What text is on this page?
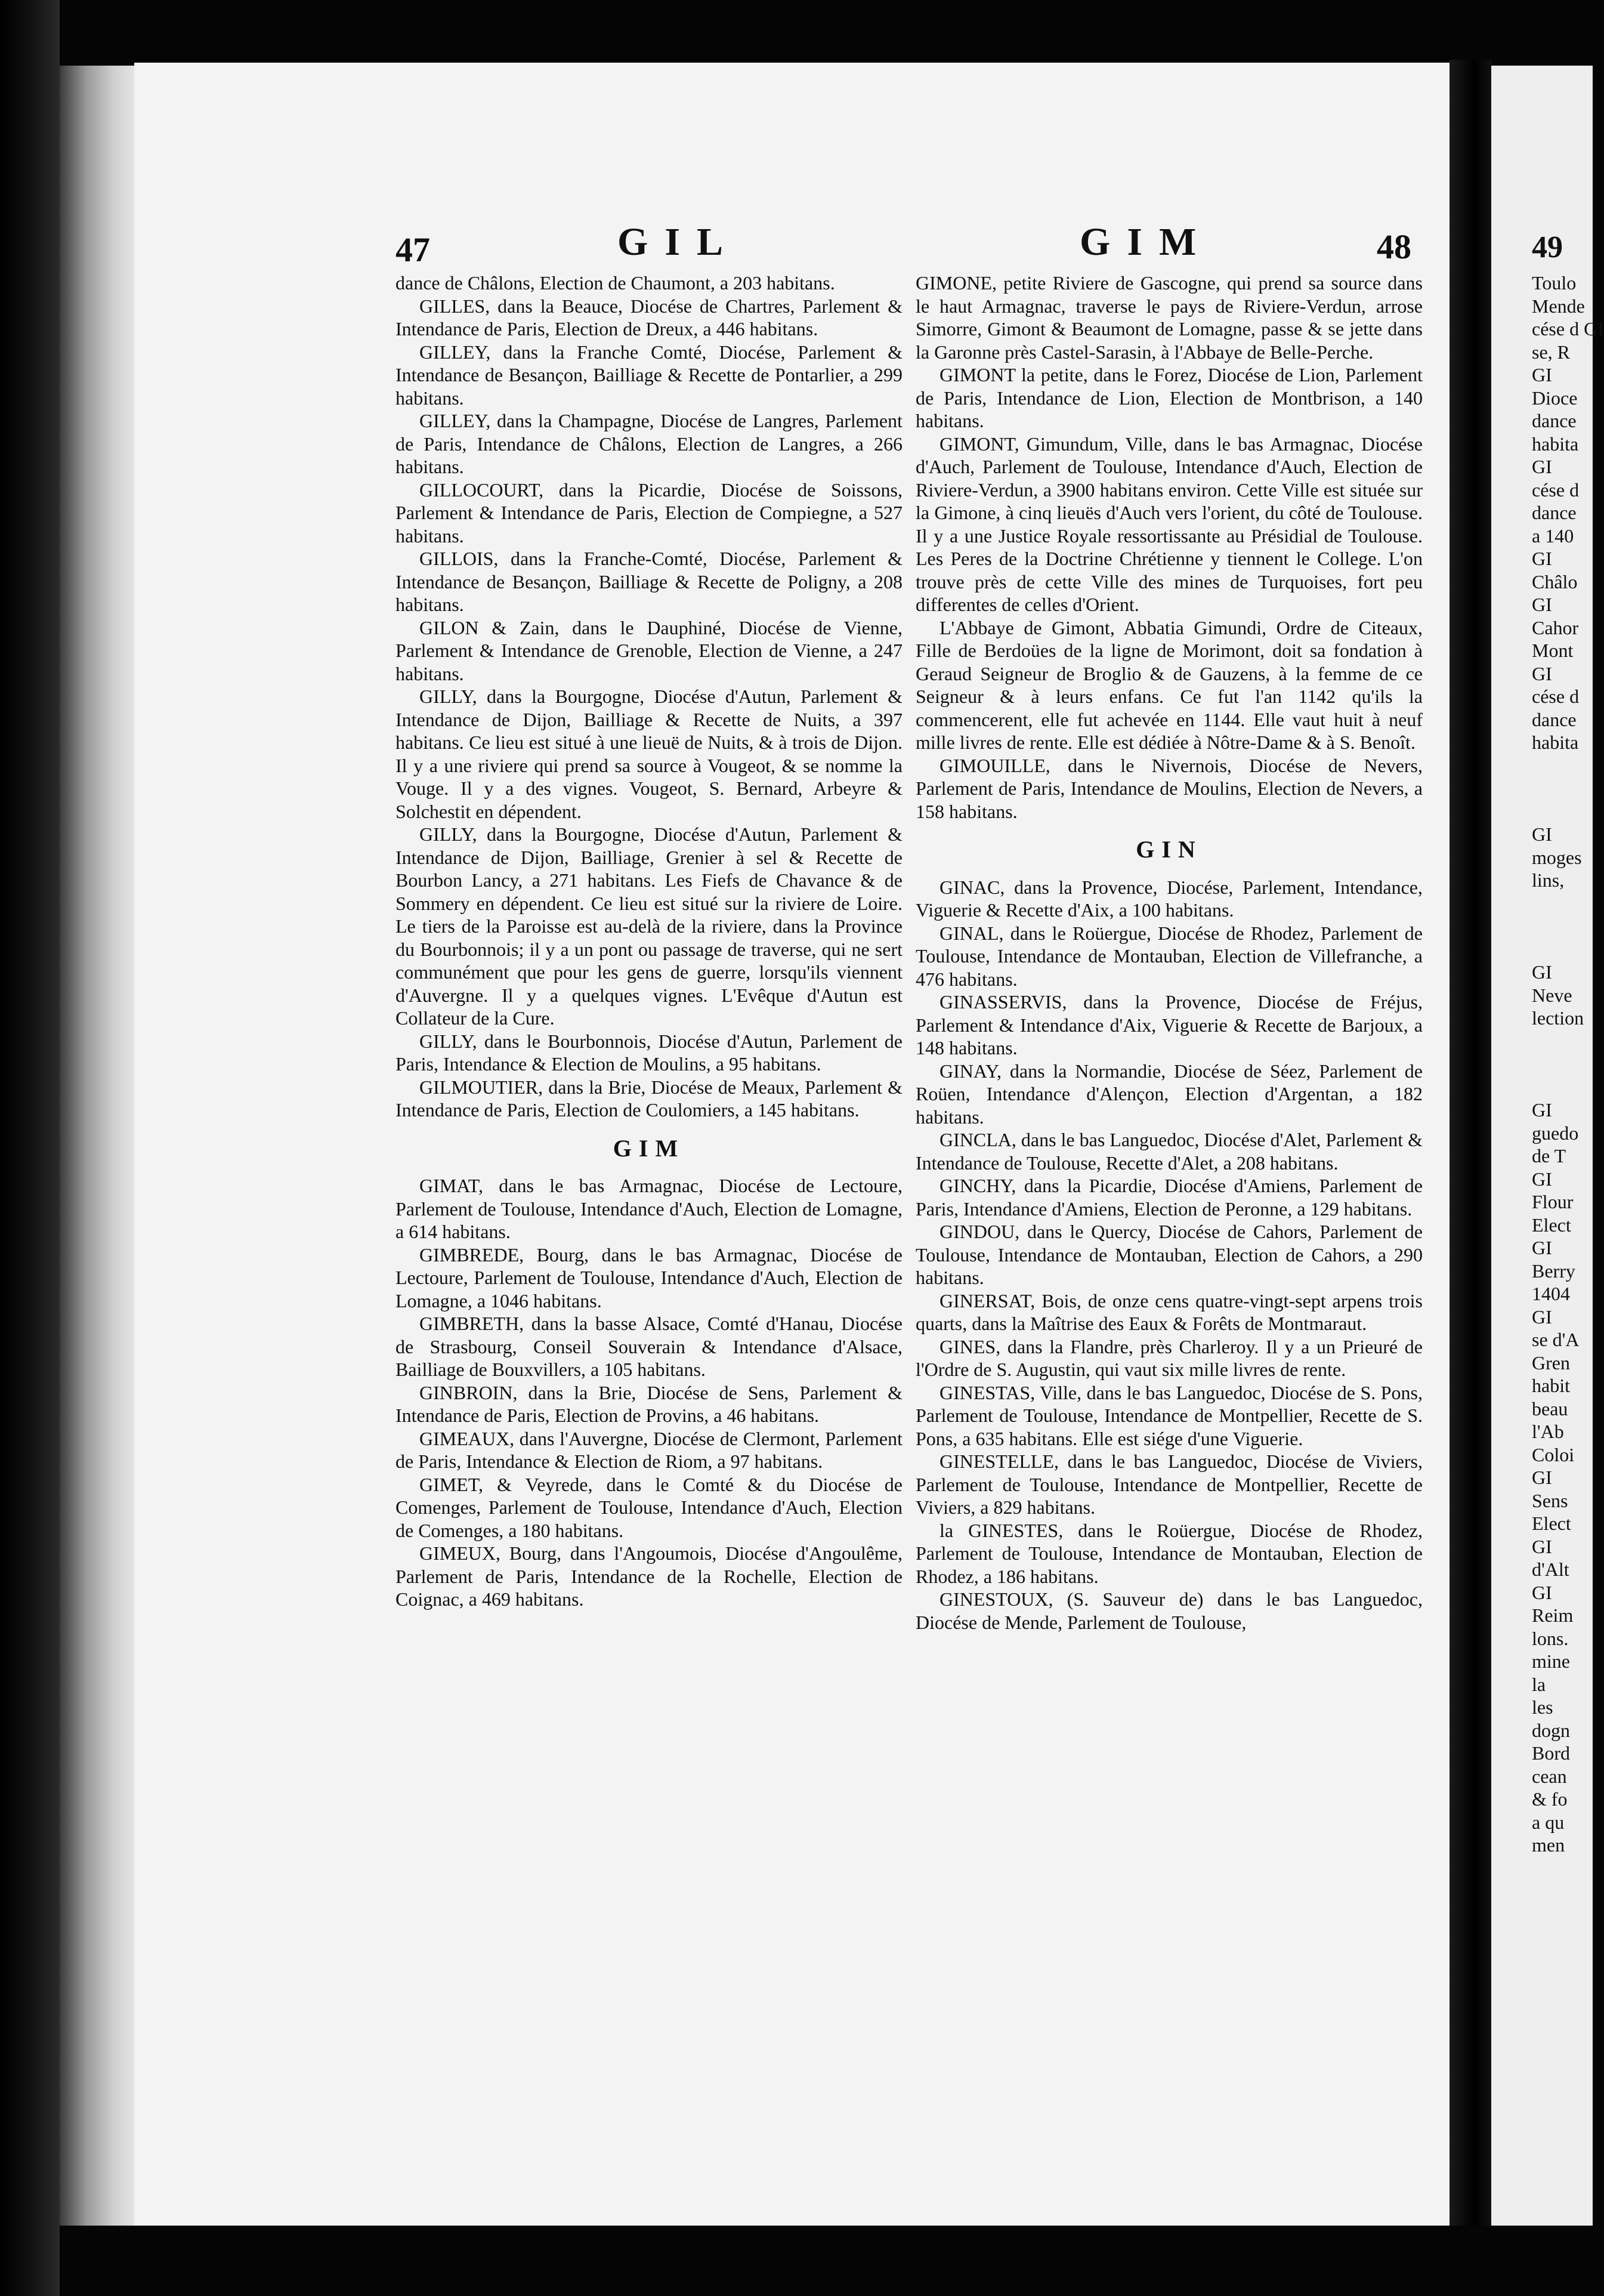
47	GIL	GIM	48

dance de Châlons, Election de Chaumont, a 203 habitans.

GILLES, dans la Beauce, Diocése de Chartres, Parlement & Intendance de Paris, Election de Dreux, a 446 habitans.

GILLEY, dans la Franche Comté, Diocése, Parlement & Intendance de Besançon, Bailliage & Recette de Pontarlier, a 299 habitans.

GILLEY, dans la Champagne, Diocése de Langres, Parlement de Paris, Intendance de Châlons, Election de Langres, a 266 habitans.

GILLOCOURT, dans la Picardie, Diocése de Soissons, Parlement & Intendance de Paris, Election de Compiegne, a 527 habitans.

GILLOIS, dans la Franche-Comté, Diocése, Parlement & Intendance de Besançon, Bailliage & Recette de Poligny, a 208 habitans.

GILON & Zain, dans le Dauphiné, Diocése de Vienne, Parlement & Intendance de Grenoble, Election de Vienne, a 247 habitans.

GILLY, dans la Bourgogne, Diocése d'Autun, Parlement & Intendance de Dijon, Bailliage & Recette de Nuits, a 397 habitans. Ce lieu est situé à une lieuë de Nuits, & à trois de Dijon. Il y a une riviere qui prend sa source à Vougeot, & se nomme la Vouge. Il y a des vignes. Vougeot, S. Bernard, Arbeyre & Solchestit en dépendent.

GILLY, dans la Bourgogne, Diocése d'Autun, Parlement & Intendance de Dijon, Bailliage, Grenier à sel & Recette de Bourbon Lancy, a 271 habitans. Les Fiefs de Chavance & de Sommery en dépendent. Ce lieu est situé sur la riviere de Loire. Le tiers de la Paroisse est au-delà de la riviere, dans la Province du Bourbonnois; il y a un pont ou passage de traverse, qui ne sert communément que pour les gens de guerre, lorsqu'ils viennent d'Auvergne. Il y a quelques vignes. L'Evêque d'Autun est Collateur de la Cure.

GILLY, dans le Bourbonnois, Diocése d'Autun, Parlement de Paris, Intendance & Election de Moulins, a 95 habitans.

GILMOUTIER, dans la Brie, Diocése de Meaux, Parlement & Intendance de Paris, Election de Coulomiers, a 145 habitans.

GIM

GIMAT, dans le bas Armagnac, Diocése de Lectoure, Parlement de Toulouse, Intendance d'Auch, Election de Lomagne, a 614 habitans.

GIMBREDE, Bourg, dans le bas Armagnac, Diocése de Lectoure, Parlement de Toulouse, Intendance d'Auch, Election de Lomagne, a 1046 habitans.

GIMBRETH, dans la basse Alsace, Comté d'Hanau, Diocése de Strasbourg, Conseil Souverain & Intendance d'Alsace, Bailliage de Bouxvillers, a 105 habitans.

GINBROIN, dans la Brie, Diocése de Sens, Parlement & Intendance de Paris, Election de Provins, a 46 habitans.

GIMEAUX, dans l'Auvergne, Diocése de Clermont, Parlement de Paris, Intendance & Election de Riom, a 97 habitans.

GIMET, & Veyrede, dans le Comté & du Diocése de Comenges, Parlement de Toulouse, Intendance d'Auch, Election de Comenges, a 180 habitans.

GIMEUX, Bourg, dans l'Angoumois, Diocése d'Angoulême, Parlement de Paris, Intendance de la Rochelle, Election de Coignac, a 469 habitans.

GIMONE, petite Riviere de Gascogne, qui prend sa source dans le haut Armagnac, traverse le pays de Riviere-Verdun, arrose Simorre, Gimont & Beaumont de Lomagne, passe & se jette dans la Garonne près Castel-Sarasin, à l'Abbaye de Belle-Perche.

GIMONT la petite, dans le Forez, Diocése de Lion, Parlement de Paris, Intendance de Lion, Election de Montbrison, a 140 habitans.

GIMONT, Gimundum, Ville, dans le bas Armagnac, Diocése d'Auch, Parlement de Toulouse, Intendance d'Auch, Election de Riviere-Verdun, a 3900 habitans environ. Cette Ville est située sur la Gimone, à cinq lieuës d'Auch vers l'orient, du côté de Toulouse. Il y a une Justice Royale ressortissante au Présidial de Toulouse. Les Peres de la Doctrine Chrétienne y tiennent le College. L'on trouve près de cette Ville des mines de Turquoises, fort peu differentes de celles d'Orient.

L'Abbaye de Gimont, Abbatia Gimundi, Ordre de Citeaux, Fille de Berdoües de la ligne de Morimont, doit sa fondation à Geraud Seigneur de Broglio & de Gauzens, à la femme de ce Seigneur & à leurs enfans. Ce fut l'an 1142 qu'ils la commencerent, elle fut achevée en 1144. Elle vaut huit à neuf mille livres de rente. Elle est dédiée à Nôtre-Dame & à S. Benoît.

GIMOUILLE, dans le Nivernois, Diocése de Nevers, Parlement de Paris, Intendance de Moulins, Election de Nevers, a 158 habitans.

GIN

GINAC, dans la Provence, Diocése, Parlement, Intendance, Viguerie & Recette d'Aix, a 100 habitans.

GINAL, dans le Roüergue, Diocése de Rhodez, Parlement de Toulouse, Intendance de Montauban, Election de Villefranche, a 476 habitans.

GINASSERVIS, dans la Provence, Diocése de Fréjus, Parlement & Intendance d'Aix, Viguerie & Recette de Barjoux, a 148 habitans.

GINAY, dans la Normandie, Diocése de Séez, Parlement de Roüen, Intendance d'Alençon, Election d'Argentan, a 182 habitans.

GINCLA, dans le bas Languedoc, Diocése d'Alet, Parlement & Intendance de Toulouse, Recette d'Alet, a 208 habitans.

GINCHY, dans la Picardie, Diocése d'Amiens, Parlement de Paris, Intendance d'Amiens, Election de Peronne, a 129 habitans.

GINDOU, dans le Quercy, Diocése de Cahors, Parlement de Toulouse, Intendance de Montauban, Election de Cahors, a 290 habitans.

GINERSAT, Bois, de onze cens quatre-vingt-sept arpens trois quarts, dans la Maîtrise des Eaux & Forêts de Montmaraut.

GINES, dans la Flandre, près Charleroy. Il y a un Prieuré de l'Ordre de S. Augustin, qui vaut six mille livres de rente.

GINESTAS, Ville, dans le bas Languedoc, Diocése de S. Pons, Parlement de Toulouse, Intendance de Montpellier, Recette de S. Pons, a 635 habitans. Elle est siége d'une Viguerie.

GINESTELLE, dans le bas Languedoc, Diocése de Viviers, Parlement de Toulouse, Intendance de Montpellier, Recette de Viviers, a 829 habitans.

la GINESTES, dans le Roüergue, Diocése de Rhodez, Parlement de Toulouse, Intendance de Montauban, Election de Rhodez, a 186 habitans.

GINESTOUX, (S. Sauveur de) dans le bas Languedoc, Diocése de Mende, Parlement de Toulouse,

49
Toulo
Mende
cése d GI
se, R
GI
Dioce
dance
habita
GI
cése d
dance
a 140
GI
Châlo
GI
Cahor
Mont
GI
cése d
dance
habita
GI
moges
lins,
GI
Neve
lection
GI
guedo
de T
GI
Flour
Elect
GI
Berry
1404
GI
se d'A
Gren
habit
beau
l'Ab
Coloi
GI
Sens
Elect
GI
d'Alt
GI
Reim
lons.
mine
la
les
dogn
Bord
cean
& fo
a qu
men
